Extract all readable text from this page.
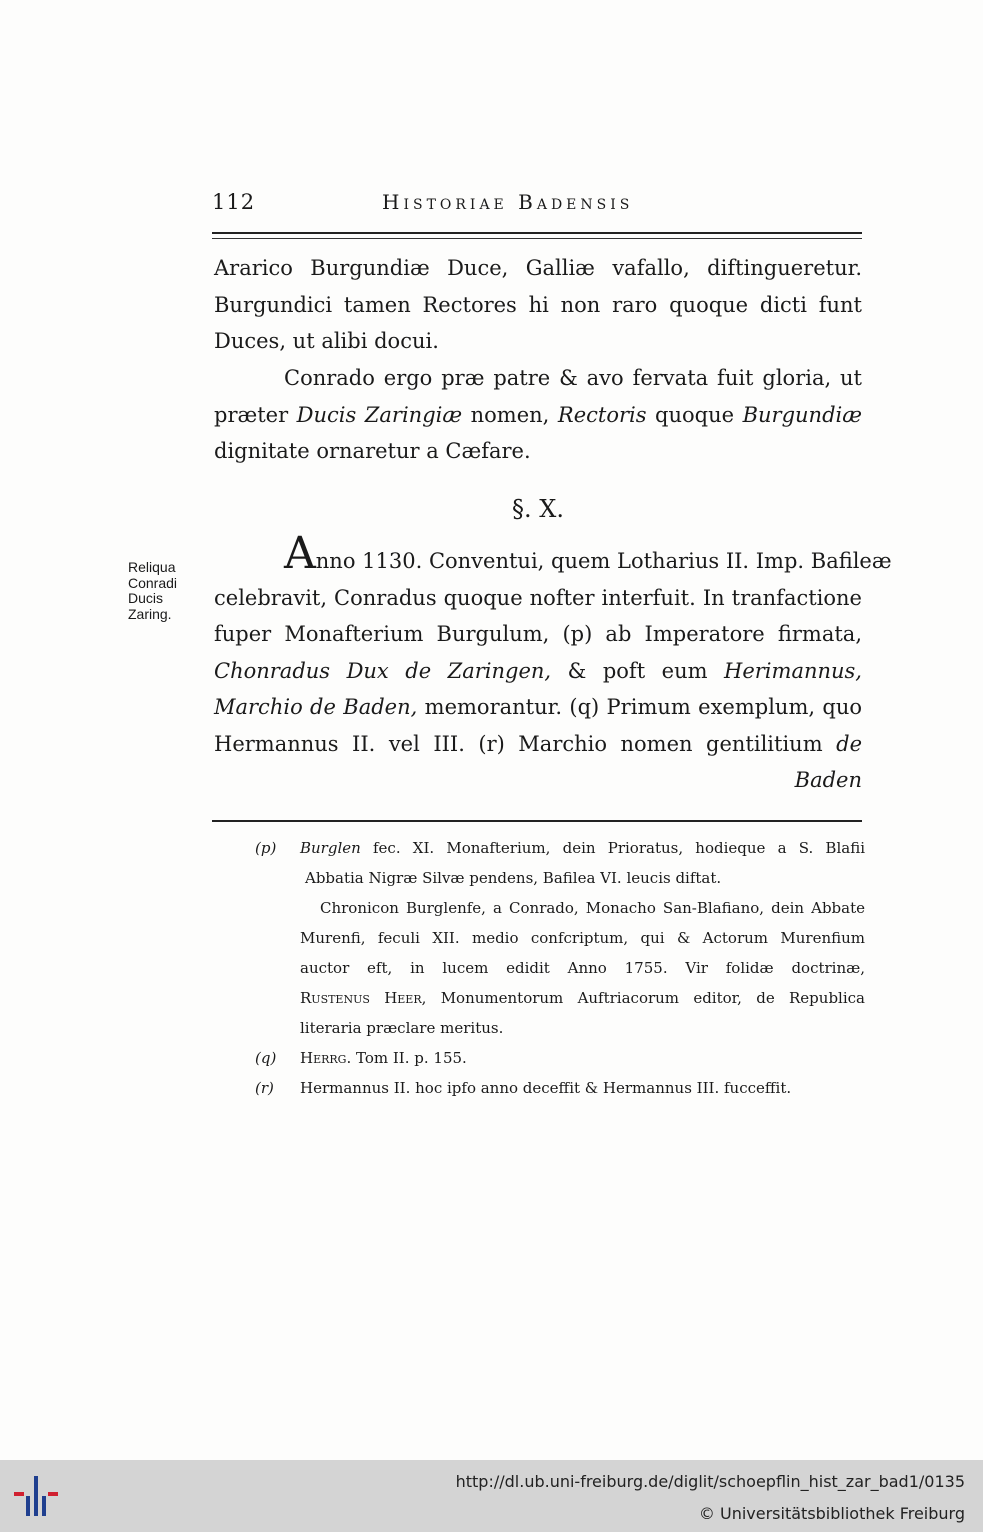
112	Historiae Badensis
Ararico Burgundiæ Duce, Galliæ vafallo, diftingueretur.
Burgundici tamen Rectores hi non raro quoque dicti funt
Duces, ut alibi docui.
Conrado ergo præ patre & avo fervata fuit gloria, ut
præter Ducis Zaringiæ nomen, Rectoris quoque Burgundiæ
dignitate ornaretur a Cæfare.
§. X.
Reliqua
Conradi
Ducis
Zaring.
Anno 1130. Conventui, quem Lotharius II. Imp. Bafileæ
celebravit, Conradus quoque nofter interfuit. In tranfactione
fuper Monafterium Burgulum, (p) ab Imperatore firmata,
Chonradus Dux de Zaringen, & poft eum Herimannus,
Marchio de Baden, memorantur. (q) Primum exemplum, quo
Hermannus II. vel III. (r) Marchio nomen gentilitium de
Baden
(p) Burglen fec. XI. Monafterium, dein Prioratus, hodieque a S. Blafii
Abbatia Nigræ Silvæ pendens, Bafilea VI. leucis diftat.
Chronicon Burglenfe, a Conrado, Monacho San-Blafiano, dein Abbate
Murenfi, feculi XII. medio confcriptum, qui & Actorum Murenfium
auctor eft, in lucem edidit Anno 1755. Vir folidæ doctrinæ,
Rustenus Heer, Monumentorum Auftriacorum editor, de Republica
literaria præclare meritus.
(q) Herrg. Tom II. p. 155.
(r) Hermannus II. hoc ipfo anno deceffit & Hermannus III. fucceffit.
http://dl.ub.uni-freiburg.de/diglit/schoepflin_hist_zar_bad1/0135
© Universitätsbibliothek Freiburg
